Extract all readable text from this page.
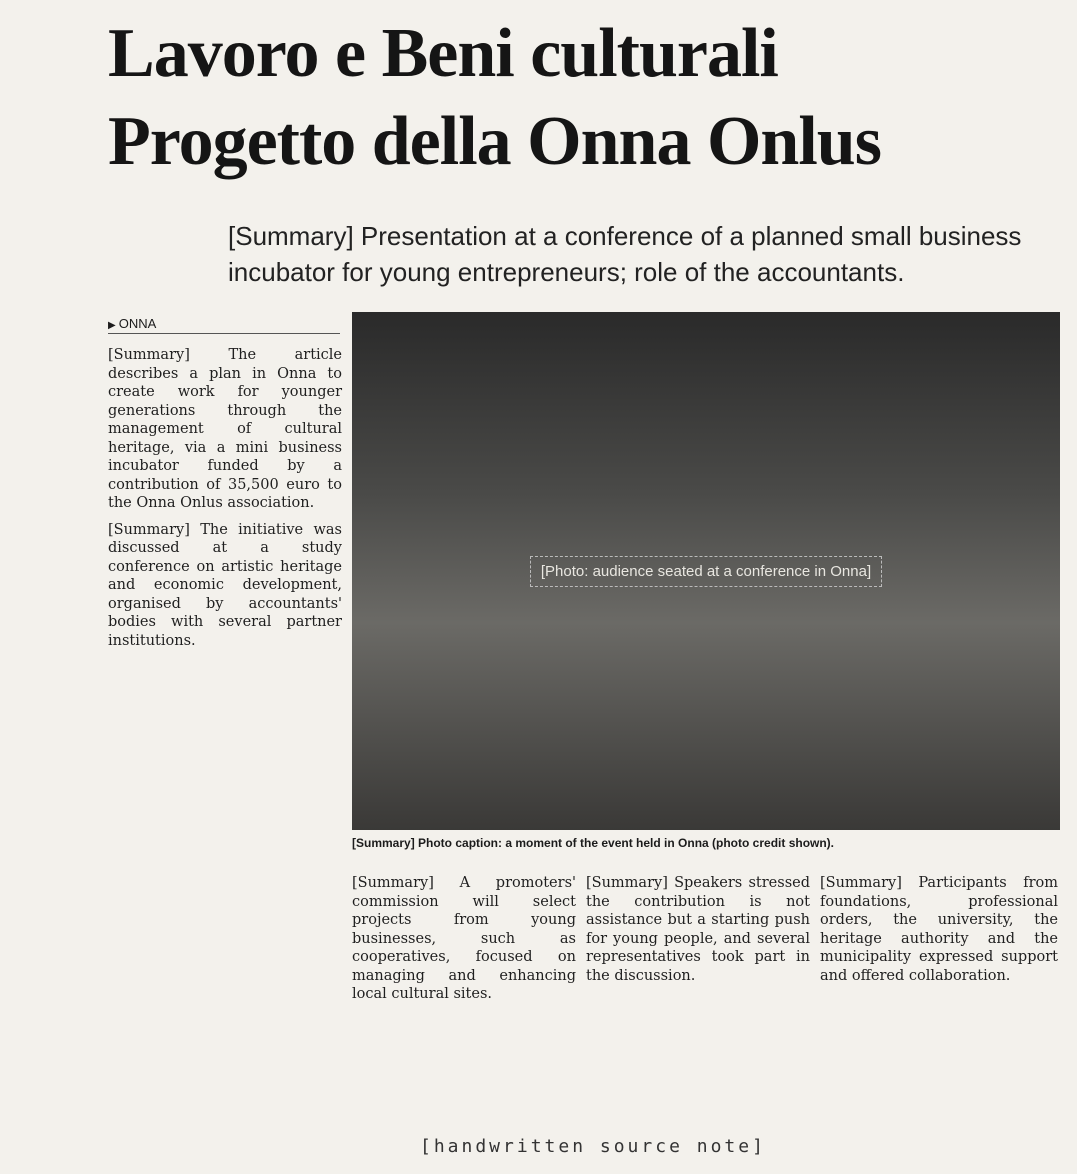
Lavoro e Beni culturali
Progetto della Onna Onlus
[Summary] Presentation at a conference of a planned small business incubator for young entrepreneurs; role of the accountants.
▶ ONNA

[Summary] The article describes a plan in Onna to create work for younger generations through the management of cultural heritage, via a mini business incubator funded by a contribution of 35,500 euro to the Onna Onlus association.

[Summary] The initiative was discussed at a study conference on artistic heritage and economic development, organised by accountants' bodies with several partner institutions.

[Photo: audience seated at a conference in Onna]
[Summary] Photo caption: a moment of the event held in Onna (photo credit shown).

[Summary] A promoters' commission will select projects from young businesses, such as cooperatives, focused on managing and enhancing local cultural sites.

[Summary] Speakers stressed the contribution is not assistance but a starting push for young people, and several representatives took part in the discussion.

[Summary] Participants from foundations, professional orders, the university, the heritage authority and the municipality expressed support and offered collaboration.

[handwritten source note]
